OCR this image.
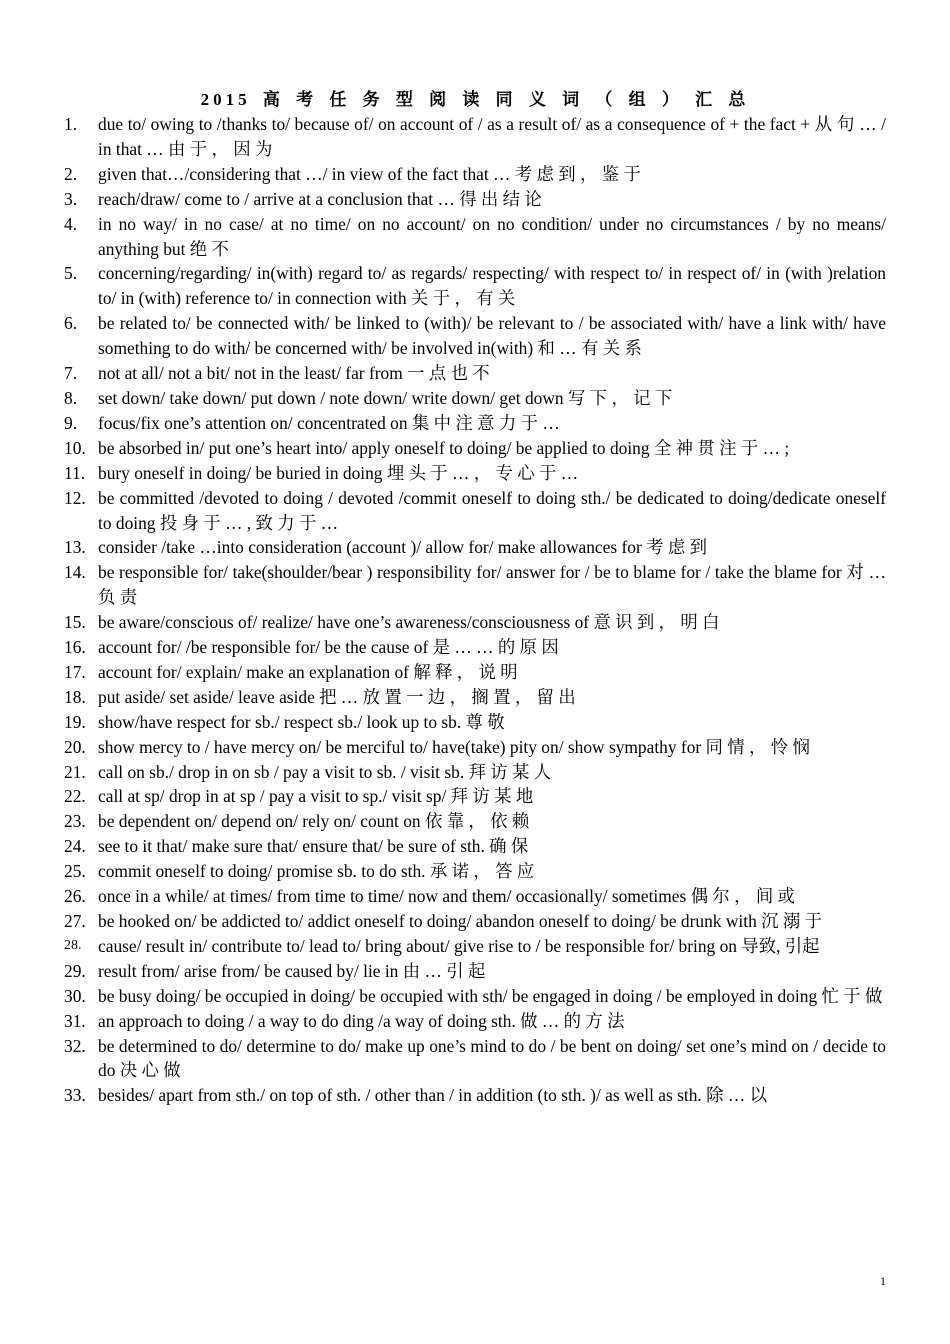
2015 高 考 任 务 型 阅 读 同 义 词 （ 组 ） 汇 总
1.	due to/ owing to /thanks to/ because of/ on account of / as a result of/ as a consequence of + the fact + 从 句 … / in that … 由 于 ， 因 为
2.	given that…/considering that …/ in view of the fact that … 考 虑 到 ， 鉴 于
3.	reach/draw/ come to / arrive at a conclusion that … 得 出 结 论
4.	in no way/ in no case/ at no time/ on no account/ on no condition/ under no circumstances / by no means/ anything but 绝 不
5.	concerning/regarding/ in(with) regard to/ as regards/ respecting/ with respect to/ in respect of/ in (with )relation to/ in (with) reference to/ in connection with 关 于 ， 有 关
6.	be related to/ be connected with/ be linked to (with)/ be relevant to / be associated with/ have a link with/ have something to do with/ be concerned with/ be involved in(with) 和 … 有 关 系
7.	not at all/ not a bit/ not in the least/ far from 一 点 也 不
8.	set down/ take down/ put down / note down/ write down/ get down 写 下 ， 记 下
9.	focus/fix one’s attention on/ concentrated on 集 中 注 意 力 于 …
10. be absorbed in/ put one’s heart into/ apply oneself to doing/ be applied to doing 全 神 贯 注 于 … ;
11. bury oneself in doing/ be buried in doing 埋 头 于 … ， 专 心 于 …
12. be committed /devoted to doing / devoted /commit oneself to doing sth./ be dedicated to doing/dedicate oneself to doing 投 身 于 … , 致 力 于 …
13. consider /take …into consideration (account )/ allow for/ make allowances for 考 虑 到
14. be responsible for/ take(shoulder/bear ) responsibility for/ answer for / be to blame for / take the blame for 对 … 负 责
15. be aware/conscious of/ realize/ have one’s awareness/consciousness of 意 识 到 ， 明 白
16. account for/ /be responsible for/ be the cause of 是 … … 的 原 因
17. account for/ explain/ make an explanation of 解 释 ， 说 明
18. put aside/ set aside/ leave aside 把 … 放 置 一 边 ， 搁 置 ， 留 出
19. show/have respect for sb./ respect sb./ look up to sb. 尊 敬
20. show mercy to / have mercy on/ be merciful to/ have(take) pity on/ show sympathy for 同 情 ， 怜 悯
21. call on sb./ drop in on sb / pay a visit to sb. / visit sb. 拜 访 某 人
22. call at sp/ drop in at sp / pay a visit to sp./ visit sp/ 拜 访 某 地
23. be dependent on/ depend on/ rely on/ count on 依 靠 ， 依 赖
24. see to it that/ make sure that/ ensure that/ be sure of sth. 确 保
25. commit oneself to doing/ promise sb. to do sth. 承 诺 ， 答 应
26. once in a while/ at times/ from time to time/ now and them/ occasionally/ sometimes 偶 尔 ， 间 或
27. be hooked on/ be addicted to/ addict oneself to doing/ abandon oneself to doing/ be drunk with 沉 溺 于
28. cause/ result in/ contribute to/ lead to/ bring about/ give rise to / be responsible for/ bring on 导致, 引起
29. result from/ arise from/ be caused by/ lie in 由 … 引 起
30. be busy doing/ be occupied in doing/ be occupied with sth/ be engaged in doing / be employed in doing 忙 于 做
31. an approach to doing / a way to do ding /a way of doing sth. 做 … 的 方 法
32. be determined to do/ determine to do/ make up one’s mind to do / be bent on doing/ set one’s mind on / decide to do 决 心 做
33. besides/ apart from sth./ on top of sth. / other than / in addition (to sth. )/ as well as sth. 除 … 以
1
